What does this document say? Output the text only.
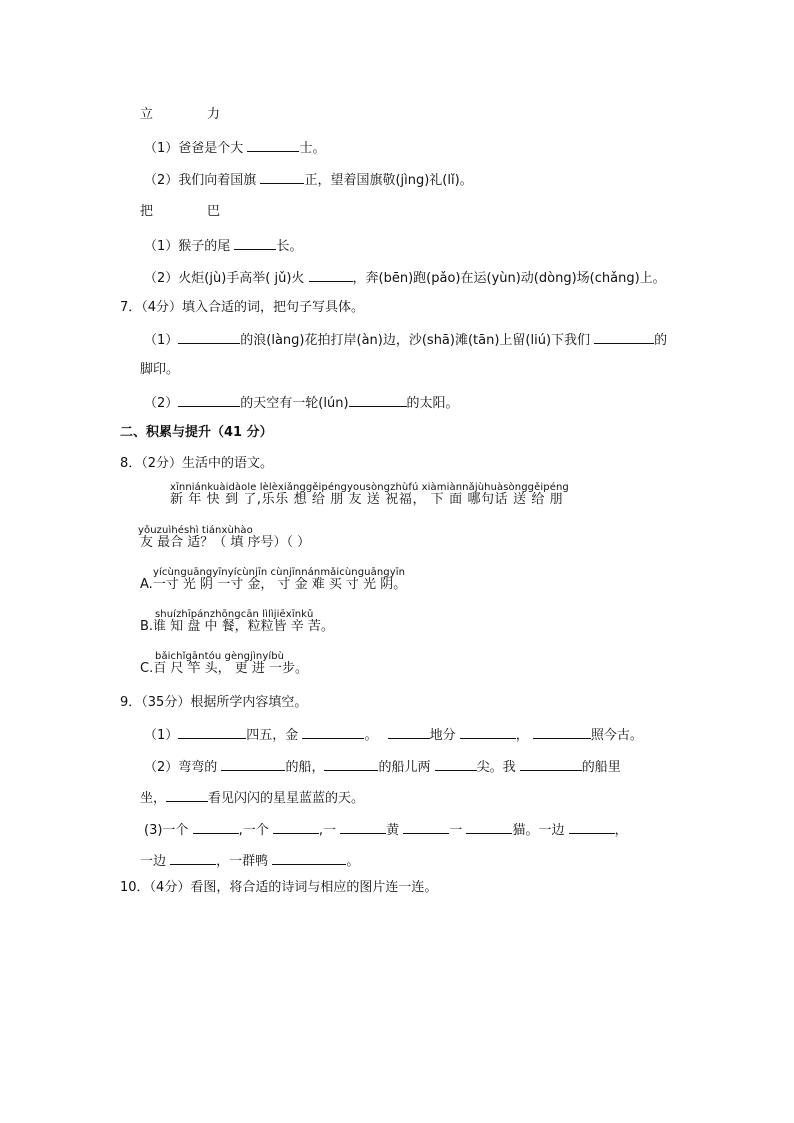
立	力
（1）爸爸是个大	士。
（2）我们向着国旗	正，望着国旗敬(jìng)礼(lǐ)。
把	巴
（1）猴子的尾	长。
（2）火炬(jù)手高举( jǔ)火	，奔(bēn)跑(pǎo)在运(yùn)动(dòng)场(chǎng)上。
7．（4分）填入合适的词，把句子写具体。
（1）	的浪(lànɡ)花拍打岸(àn)边，沙(shā)滩(tān)上留(liú)下我们	的
脚印。
（2）	的天空有一轮(lún)	的太阳。
二、积累与提升（41 分）
8．（2分）生活中的语文。
xīnniánkuàidàole lèlèxiǎnggěipéngyousòngzhùfú xiàmiànnǎjùhuàsònggěipéng
新 年 快 到 了,乐乐 想 给 朋 友 送 祝福， 下 面 哪句话 送 给 朋
yǒuzuìhéshì tiánxùhào
友 最合 适？（ 填 序号）（ ）
yícùnguāngyīnyícùnjīn cùnjīnnánmǎicùnguāngyīn
A.一寸 光 阴 一寸 金， 寸 金 难 买 寸 光 阴。
shuízhīpánzhōngcān lìlìjiēxīnkǔ
B.谁 知 盘 中 餐，粒粒皆 辛 苦。
bǎichǐgāntóu gèngjìnyíbù
C.百 尺 竿 头， 更 进 一步。
9．（35分）根据所学内容填空。
（1）	四五，金	。	地分	，	照今古。
（2）弯弯的	的船，	的船儿两	尖。我	的船里
坐，	看见闪闪的星星蓝蓝的天。
(3)一个	,一个	,一	黄	一	猫。一边	，
一边	，一群鸭	。
10．（4分）看图，将合适的诗词与相应的图片连一连。
